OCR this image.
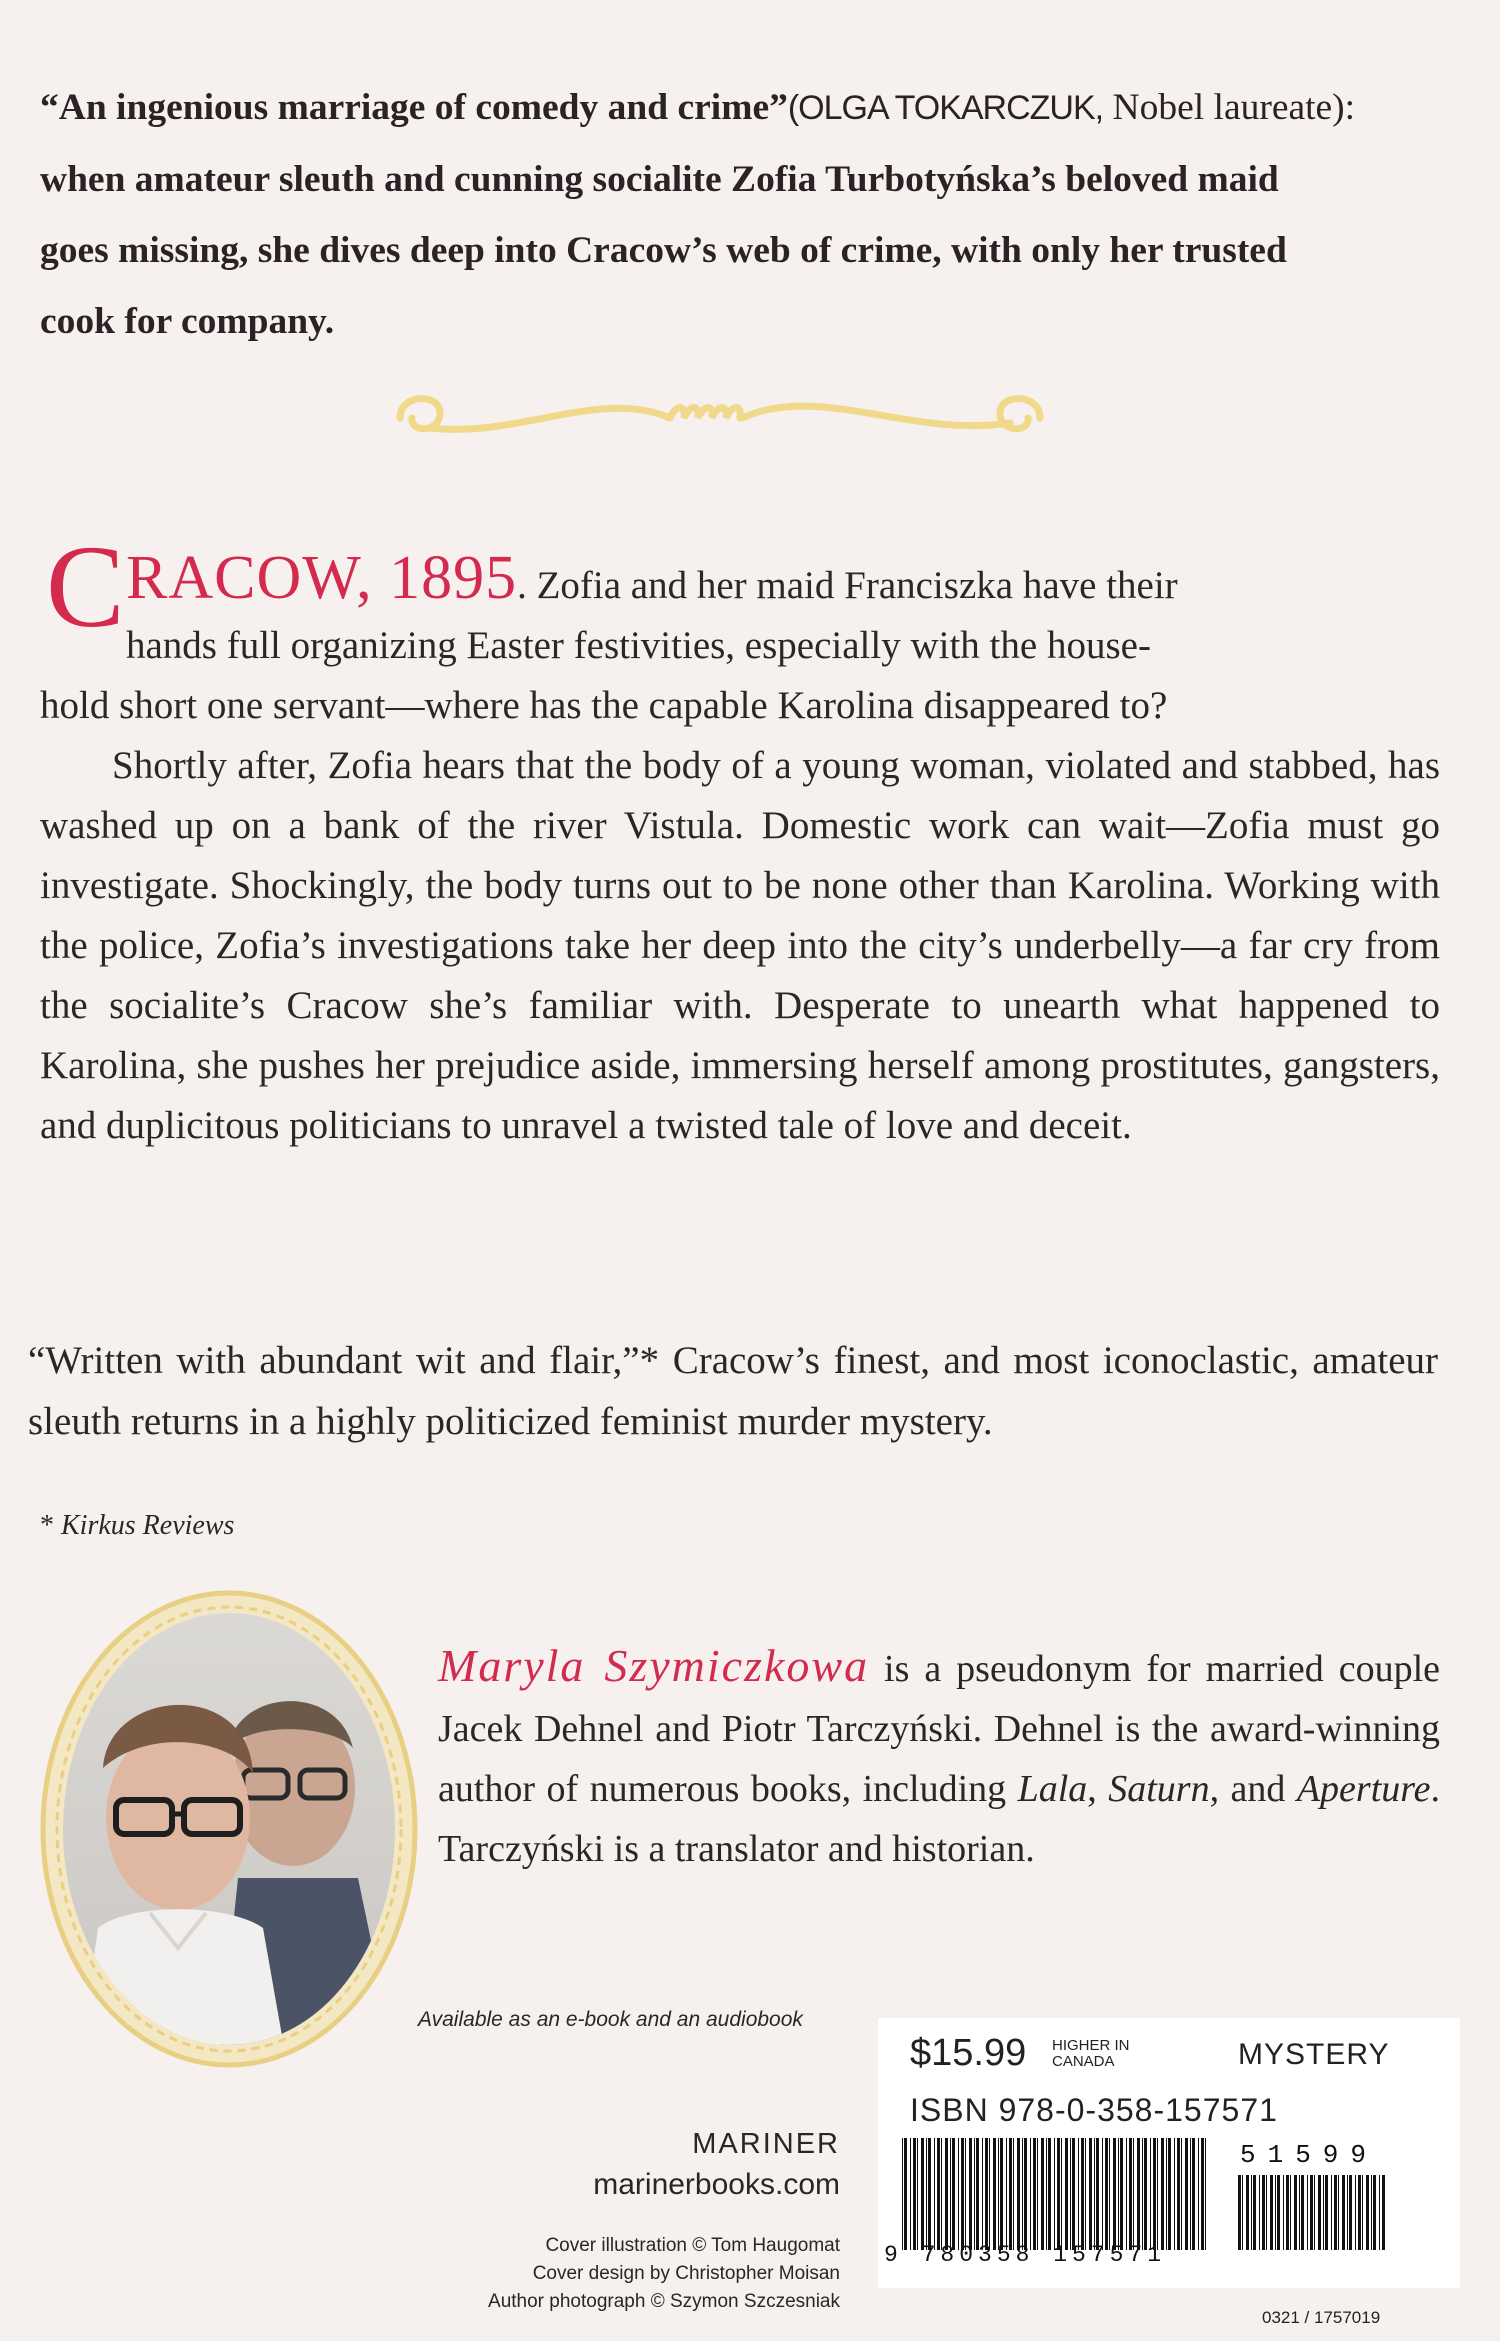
“An ingenious marriage of comedy and crime”(OLGA TOKARCZUK, Nobel laureate):
when amateur sleuth and cunning socialite Zofia Turbotyńska’s beloved maid
goes missing, she dives deep into Cracow’s web of crime, with only her trusted
cook for company.

C RACOW, 1895. Zofia and her maid Franciszka have their

hands full organizing Easter festivities, especially with the house-

hold short one servant—where has the capable Karolina disappeared to?

Shortly after, Zofia hears that the body of a young woman, violated and stabbed, has washed up on a bank of the river Vistula. Domestic work can wait—Zofia must go investigate. Shockingly, the body turns out to be none other than Karolina. Working with the police, Zofia’s investigations take her deep into the city’s underbelly—a far cry from the socialite’s Cracow she’s familiar with. Desperate to unearth what happened to Karolina, she pushes her prejudice aside, immersing herself among prostitutes, gangsters, and duplicitous politicians to unravel a twisted tale of love and deceit.

“Written with abundant wit and flair,”* Cracow’s finest, and most iconoclastic, amateur sleuth returns in a highly politicized feminist murder mystery.

* Kirkus Reviews

Maryla Szymiczkowa is a pseudonym for married couple Jacek Dehnel and Piotr Tarczyński. Dehnel is the award-winning author of numerous books, including Lala, Saturn, and Aperture. Tarczyński is a translator and historian.

Available as an e-book and an audiobook
MARINER
marinerbooks.com
Cover illustration © Tom Haugomat
Cover design by Christopher Moisan
Author photograph © Szymon Szczesniak
$15.99 HIGHER IN
CANADA	MYSTERY
ISBN 978-0-358-157571
51599
9 780358 157571
0321 / 1757019
